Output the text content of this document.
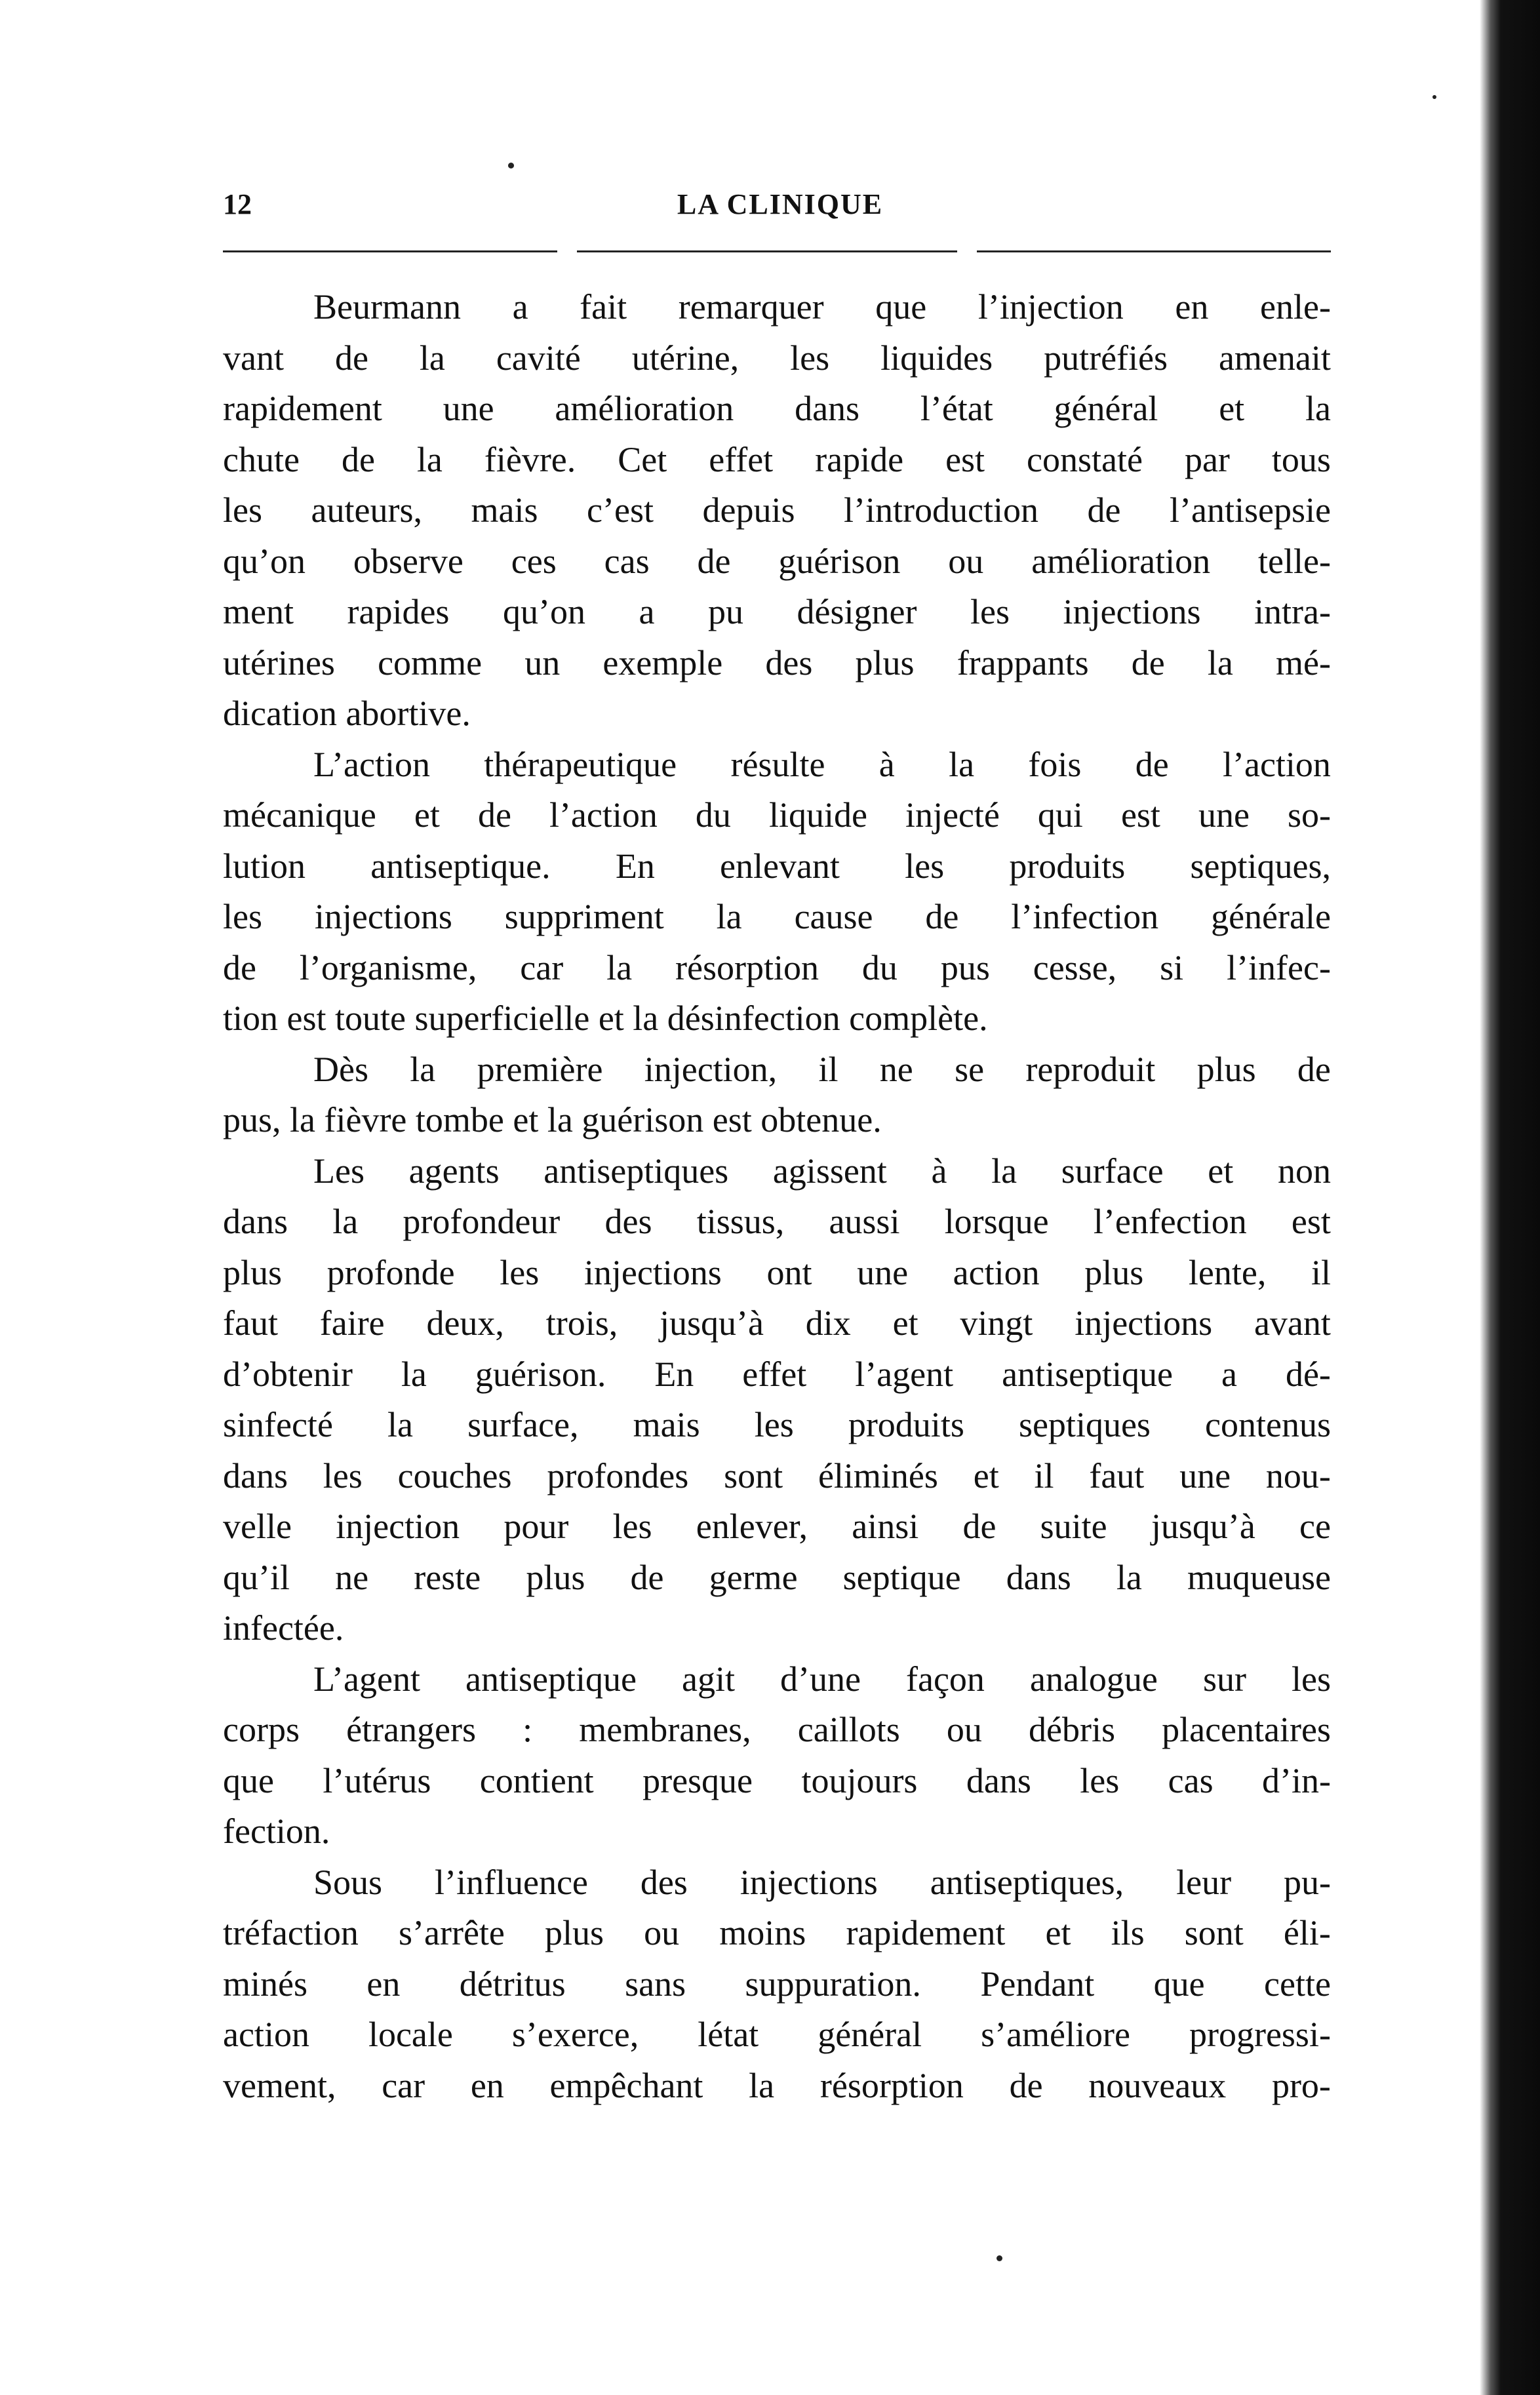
12	LA CLINIQUE
Beurmann a fait remarquer que l’injection en enle-
vant de la cavité utérine, les liquides putréfiés amenait
rapidement une amélioration dans l’état général et la
chute de la fièvre. Cet effet rapide est constaté par tous
les auteurs, mais c’est depuis l’introduction de l’antisepsie
qu’on observe ces cas de guérison ou amélioration telle-
ment rapides qu’on a pu désigner les injections intra-
utérines comme un exemple des plus frappants de la mé-
dication abortive.
L’action thérapeutique résulte à la fois de l’action
mécanique et de l’action du liquide injecté qui est une so-
lution antiseptique. En enlevant les produits septiques,
les injections suppriment la cause de l’infection générale
de l’organisme, car la résorption du pus cesse, si l’infec-
tion est toute superficielle et la désinfection complète.
Dès la première injection, il ne se reproduit plus de
pus, la fièvre tombe et la guérison est obtenue.
Les agents antiseptiques agissent à la surface et non
dans la profondeur des tissus, aussi lorsque l’enfection est
plus profonde les injections ont une action plus lente, il
faut faire deux, trois, jusqu’à dix et vingt injections avant
d’obtenir la guérison. En effet l’agent antiseptique a dé-
sinfecté la surface, mais les produits septiques contenus
dans les couches profondes sont éliminés et il faut une nou-
velle injection pour les enlever, ainsi de suite jusqu’à ce
qu’il ne reste plus de germe septique dans la muqueuse
infectée.
L’agent antiseptique agit d’une façon analogue sur les
corps étrangers : membranes, caillots ou débris placentaires
que l’utérus contient presque toujours dans les cas d’in-
fection.
Sous l’influence des injections antiseptiques, leur pu-
tréfaction s’arrête plus ou moins rapidement et ils sont éli-
minés en détritus sans suppuration. Pendant que cette
action locale s’exerce, létat général s’améliore progressi-
vement, car en empêchant la résorption de nouveaux pro-
